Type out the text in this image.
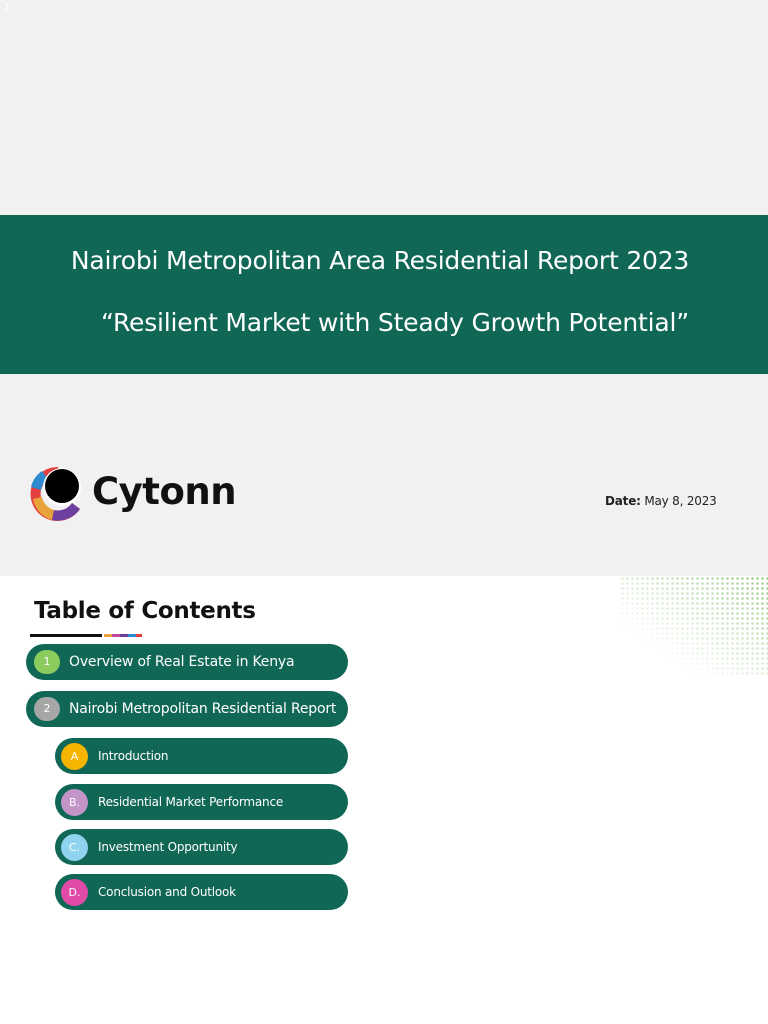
1
Nairobi Metropolitan Area Residential Report 2023
“Resilient Market with Steady Growth Potential”
Cytonn	Date: May 8, 2023
Table of Contents
1	Overview of Real Estate in Kenya
2	Nairobi Metropolitan Residential Report
A	Introduction
B.	Residential Market Performance
C.	Investment Opportunity
D.	Conclusion and Outlook
